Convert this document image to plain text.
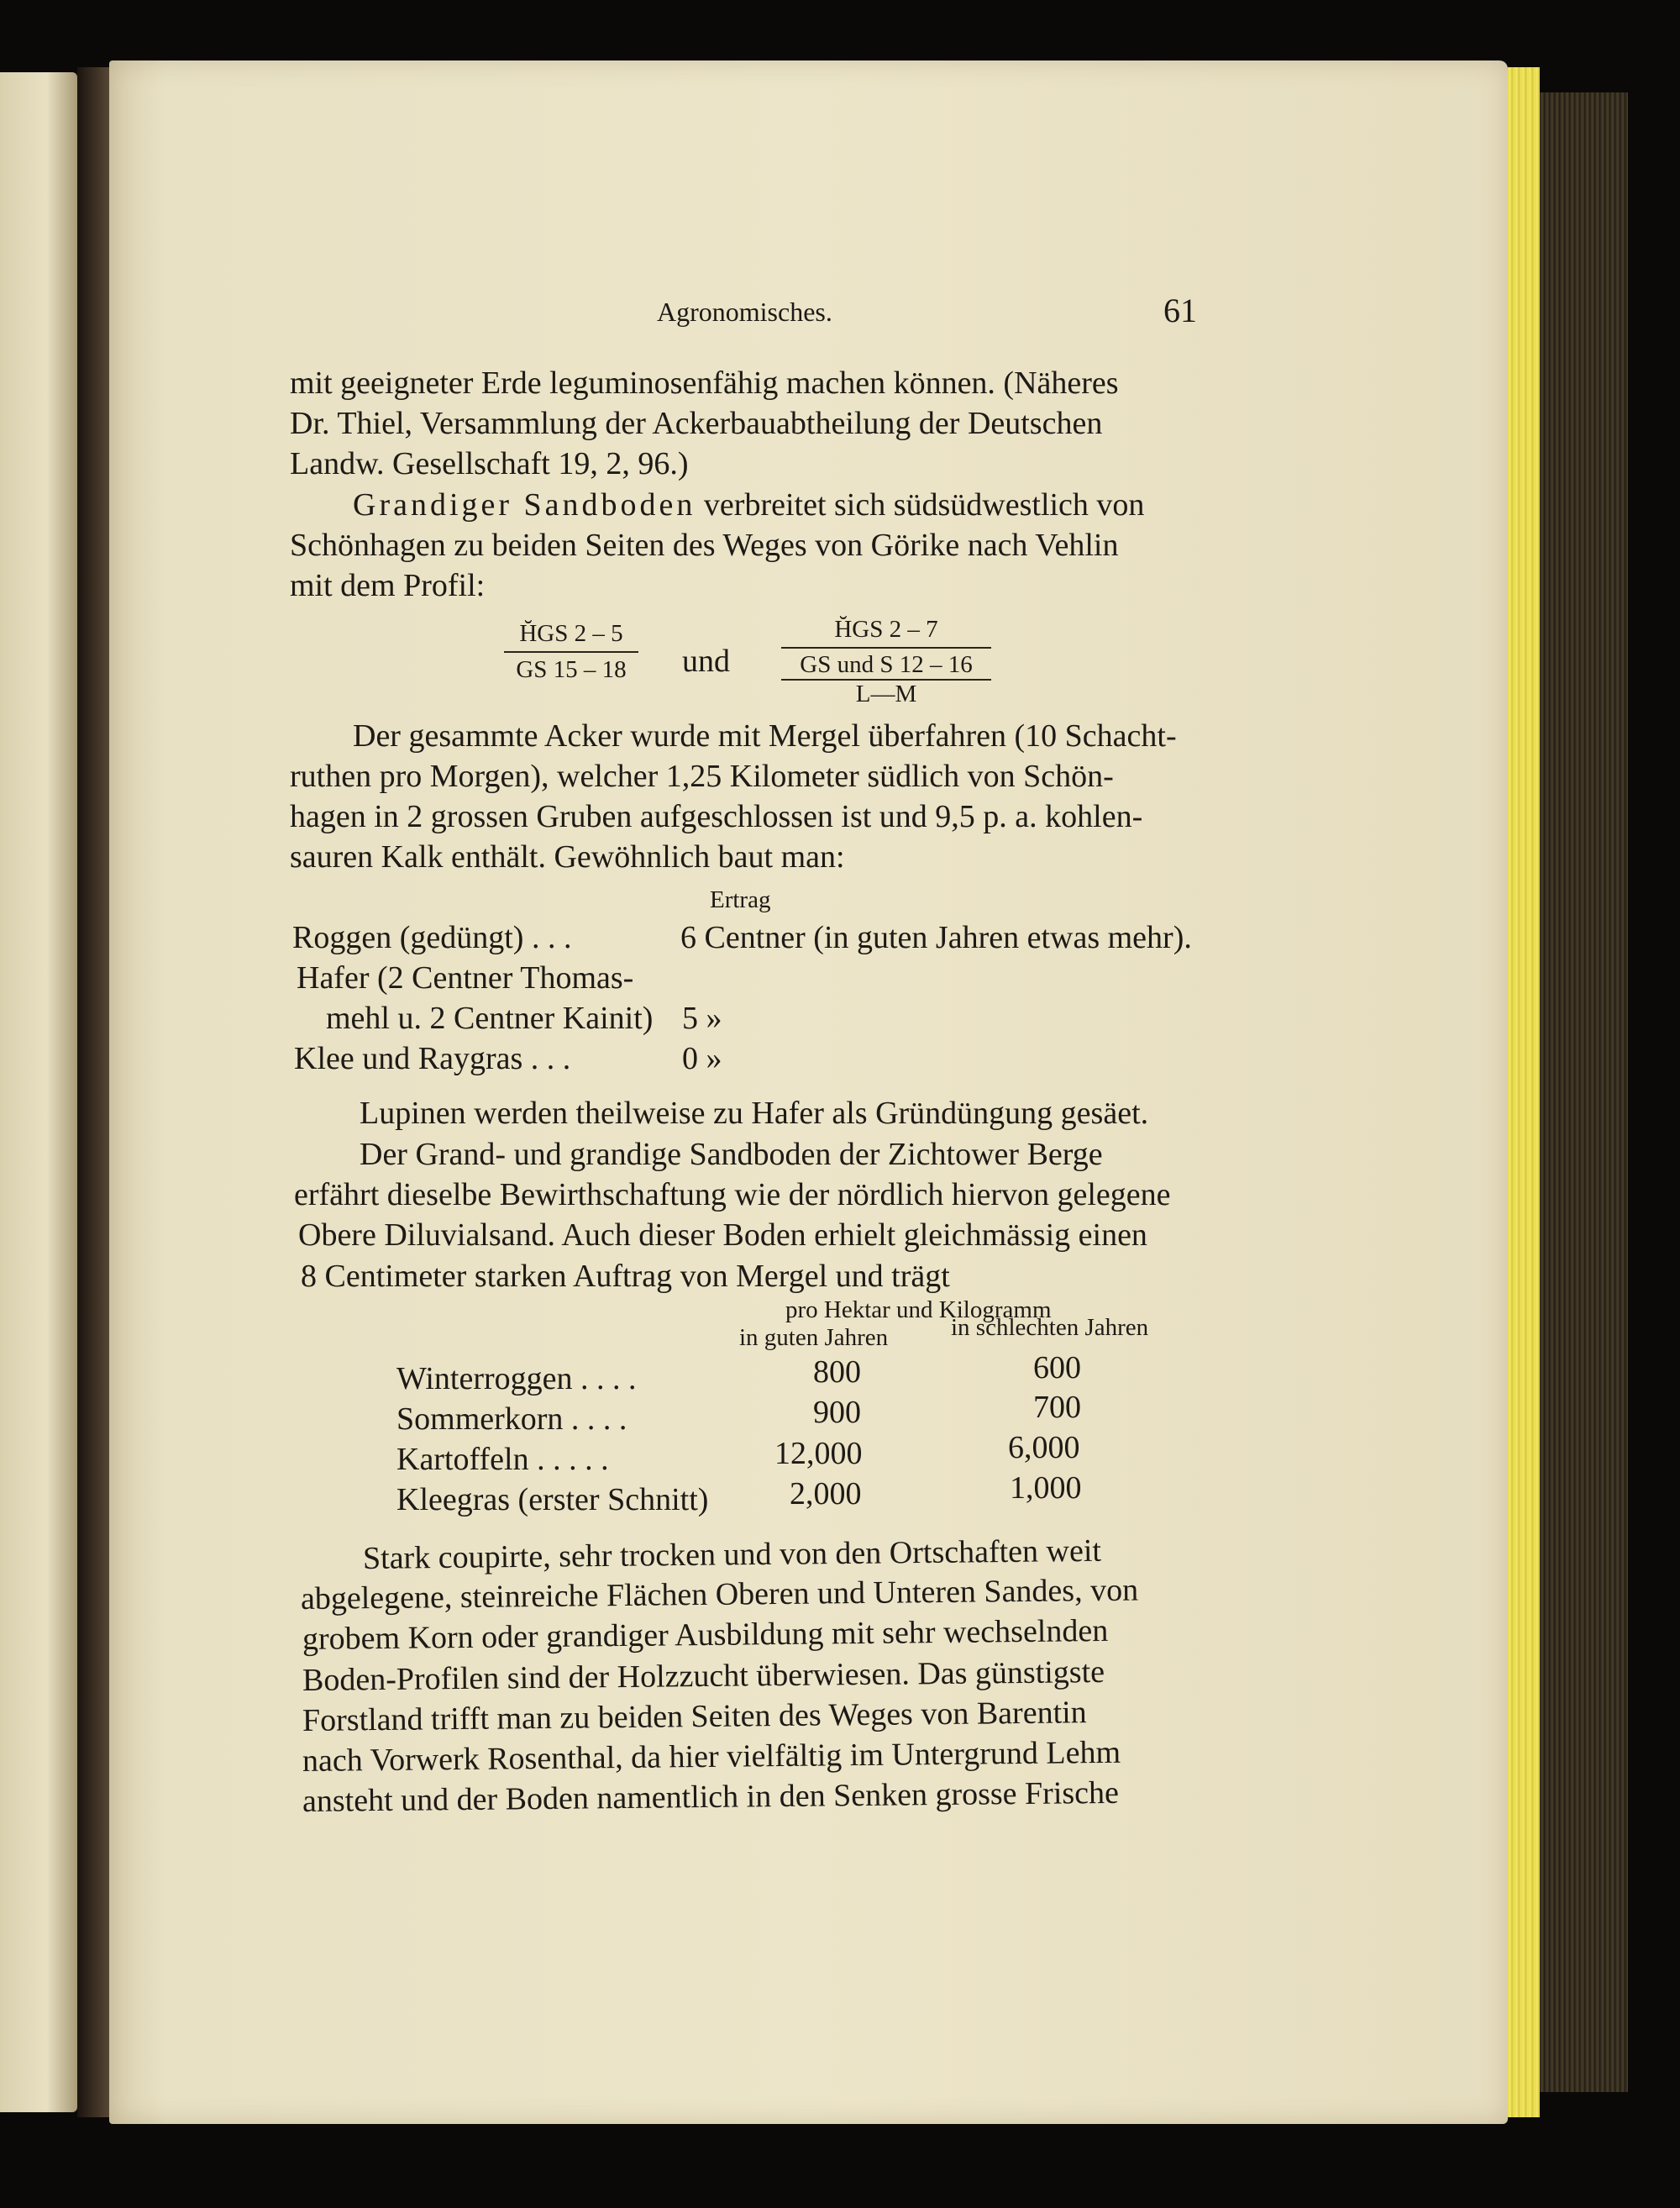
Agronomisches.	61
mit geeigneter Erde leguminosenfähig machen können. (Näheres
Dr. Thiel, Versammlung der Ackerbauabtheilung der Deutschen
Landw. Gesellschaft 19, 2, 96.)
Grandiger Sandboden verbreitet sich südsüdwestlich von
Schönhagen zu beiden Seiten des Weges von Görike nach Vehlin
mit dem Profil:
H̆GS 2 – 5
GS 15 – 18	und
H̆GS 2 – 7
GS und S 12 – 16
L—M
Der gesammte Acker wurde mit Mergel überfahren (10 Schacht-
ruthen pro Morgen), welcher 1,25 Kilometer südlich von Schön-
hagen in 2 grossen Gruben aufgeschlossen ist und 9,5 p. a. kohlen-
sauren Kalk enthält. Gewöhnlich baut man:
Ertrag
Roggen (gedüngt) . . .	6 Centner (in guten Jahren etwas mehr).
Hafer (2 Centner Thomas-
mehl u. 2 Centner Kainit) 5 »
Klee und Raygras . . .	0 »
Lupinen werden theilweise zu Hafer als Gründüngung gesäet.
Der Grand- und grandige Sandboden der Zichtower Berge
erfährt dieselbe Bewirthschaftung wie der nördlich hiervon gelegene
Obere Diluvialsand. Auch dieser Boden erhielt gleichmässig einen
8 Centimeter starken Auftrag von Mergel und trägt
pro Hektar und Kilogramm
in guten Jahren	in schlechten Jahren
Winterroggen . . . .	800	600
Sommerkorn . . . .	900	700
Kartoffeln . . . . .	12,000	6,000
Kleegras (erster Schnitt)	2,000	1,000
Stark coupirte, sehr trocken und von den Ortschaften weit
abgelegene, steinreiche Flächen Oberen und Unteren Sandes, von
grobem Korn oder grandiger Ausbildung mit sehr wechselnden
Boden-Profilen sind der Holzzucht überwiesen. Das günstigste
Forstland trifft man zu beiden Seiten des Weges von Barentin
nach Vorwerk Rosenthal, da hier vielfältig im Untergrund Lehm
ansteht und der Boden namentlich in den Senken grosse Frische
